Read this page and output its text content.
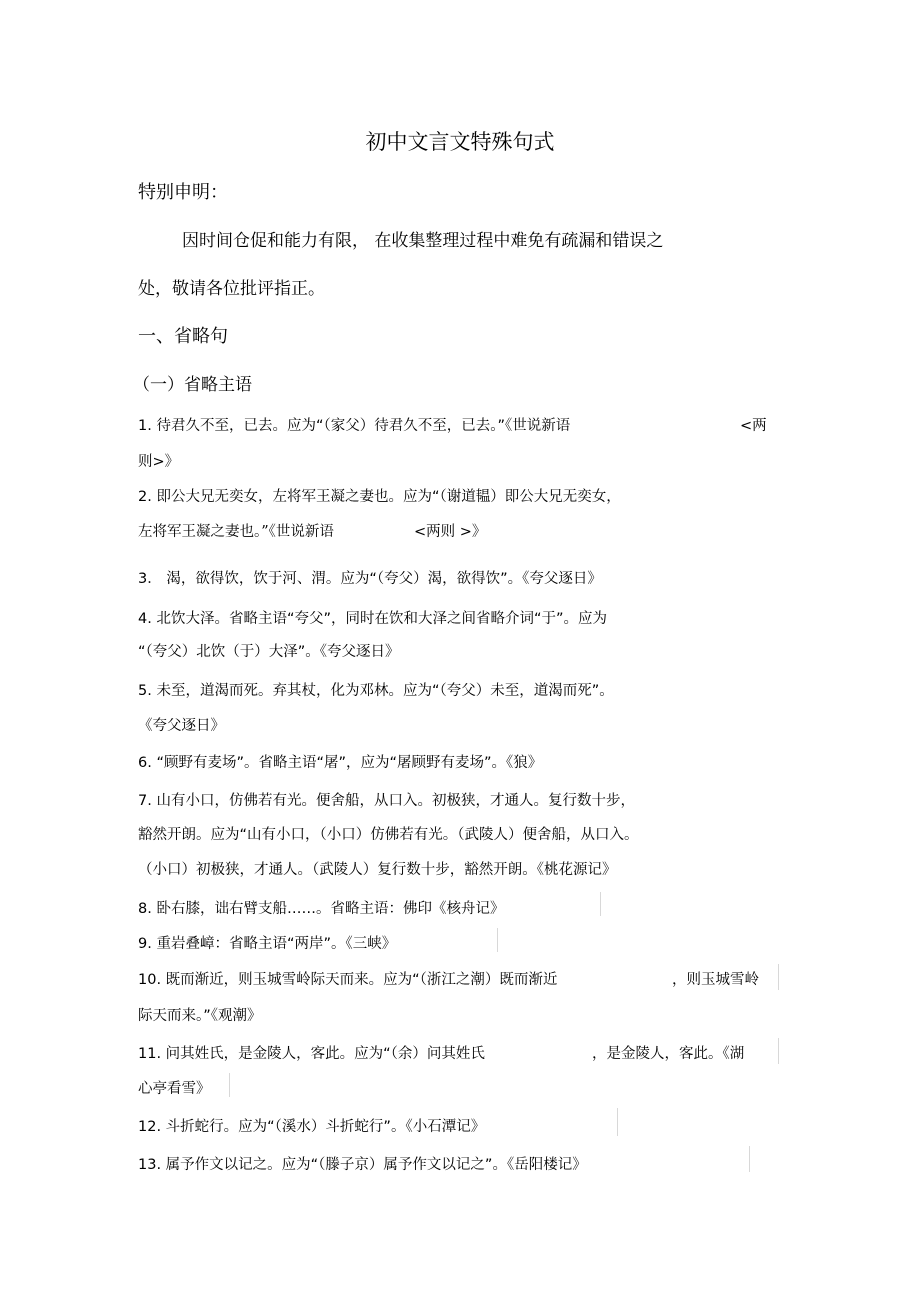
初中文言文特殊句式

特别申明：

因时间仓促和能力有限， 在收集整理过程中难免有疏漏和错误之

处，敬请各位批评指正。

一、省略句

（一）省略主语

1. 待君久不至，已去。应为“（家父）待君久不至，已去。”《世说新语	<两

则>》

2. 即公大兄无奕女，左将军王凝之妻也。应为“（谢道韫）即公大兄无奕女，

左将军王凝之妻也。”《世说新语	<两则 >》

3． 渴，欲得饮，饮于河、渭。应为“（夸父）渴，欲得饮”。《夸父逐日》

4. 北饮大泽。省略主语“夸父”，同时在饮和大泽之间省略介词“于”。应为

“（夸父）北饮（于）大泽”。《夸父逐日》

5. 未至，道渴而死。弃其杖，化为邓林。应为“（夸父）未至，道渴而死”。

《夸父逐日》

6. “顾野有麦场”。省略主语“屠”，应为“屠顾野有麦场”。《狼》

7. 山有小口，仿佛若有光。便舍船，从口入。初极狭，才通人。复行数十步，

豁然开朗。应为“山有小口，（小口）仿佛若有光。（武陵人）便舍船，从口入。

（小口）初极狭，才通人。（武陵人）复行数十步，豁然开朗。《桃花源记》

8. 卧右膝，诎右臂支船……。省略主语：佛印《核舟记》

9. 重岩叠嶂：省略主语“两岸”。《三峡》

10. 既而渐近，则玉城雪岭际天而来。应为“（浙江之潮）既而渐近	，则玉城雪岭

际天而来。”《观潮》

11. 问其姓氏，是金陵人，客此。应为“（余）问其姓氏	，是金陵人，客此。《湖

心亭看雪》

12. 斗折蛇行。应为“（溪水）斗折蛇行”。《小石潭记》

13. 属予作文以记之。应为“（滕子京）属予作文以记之”。《岳阳楼记》
